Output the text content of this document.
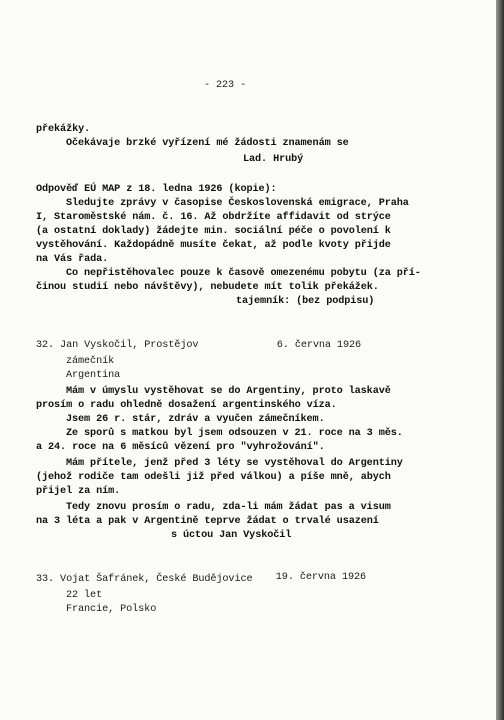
- 223 -

překážky.

Očekávaje brzké vyřízení mé žádosti znamenám se

Lad. Hrubý

Odpověď EÚ MAP z 18. ledna 1926 (kopie):

Sledujte zprávy v časopise Československá emigrace, Praha

I, Staroměstské nám. č. 16. Až obdržíte affidavit od strýce

(a ostatní doklady) žádejte min. sociální péče o povolení k

vystěhování. Každopádně musíte čekat, až podle kvoty přijde

na Vás řada.

Co nepřistěhovalec pouze k časově omezenému pobytu (za pří-

činou studií nebo návštěvy), nebudete mít tolik překážek.

tajemník: (bez podpisu)

32. Jan Vyskočil, Prostějov	6. června 1926

zámečník

Argentina

Mám v úmyslu vystěhovat se do Argentiny, proto laskavě

prosím o radu ohledně dosažení argentinského víza.

Jsem 26 r. stár, zdráv a vyučen zámečníkem.

Ze sporů s matkou byl jsem odsouzen v 21. roce na 3 měs.

a 24. roce na 6 měsíců vězení pro "vyhrožování".

Mám přítele, jenž před 3 léty se vystěhoval do Argentiny

(jehož rodiče tam odešli již před válkou) a píše mně, abych

přijel za ním.

Tedy znovu prosím o radu, zda-li mám žádat pas a visum

na 3 léta a pak v Argentině teprve žádat o trvalé usazení

s úctou Jan Vyskočil

33. Vojat Šafránek, České Budějovice 19. června 1926

22 let

Francie, Polsko
